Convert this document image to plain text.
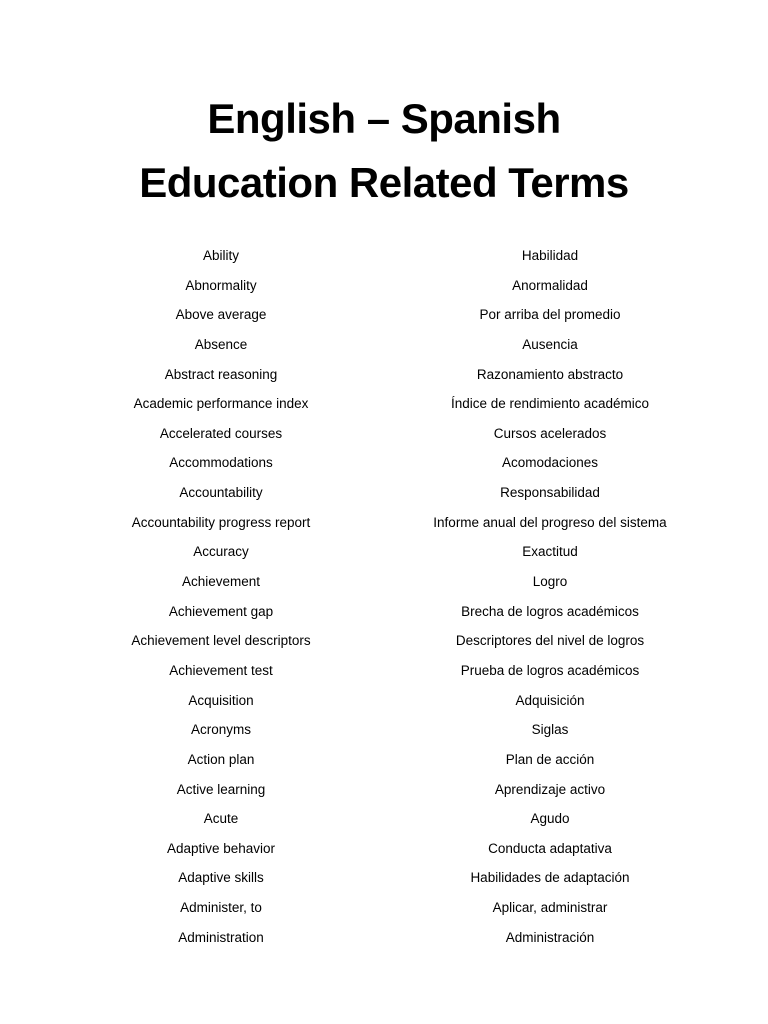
English – Spanish
Education Related Terms
Ability	Habilidad
Abnormality	Anormalidad
Above average	Por arriba del promedio
Absence	Ausencia
Abstract reasoning	Razonamiento abstracto
Academic performance index	Índice de rendimiento académico
Accelerated courses	Cursos acelerados
Accommodations	Acomodaciones
Accountability	Responsabilidad
Accountability progress report	Informe anual del progreso del sistema
Accuracy	Exactitud
Achievement	Logro
Achievement gap	Brecha de logros académicos
Achievement level descriptors	Descriptores del nivel de logros
Achievement test	Prueba de logros académicos
Acquisition	Adquisición
Acronyms	Siglas
Action plan	Plan de acción
Active learning	Aprendizaje activo
Acute	Agudo
Adaptive behavior	Conducta adaptativa
Adaptive skills	Habilidades de adaptación
Administer, to	Aplicar, administrar
Administration	Administración
